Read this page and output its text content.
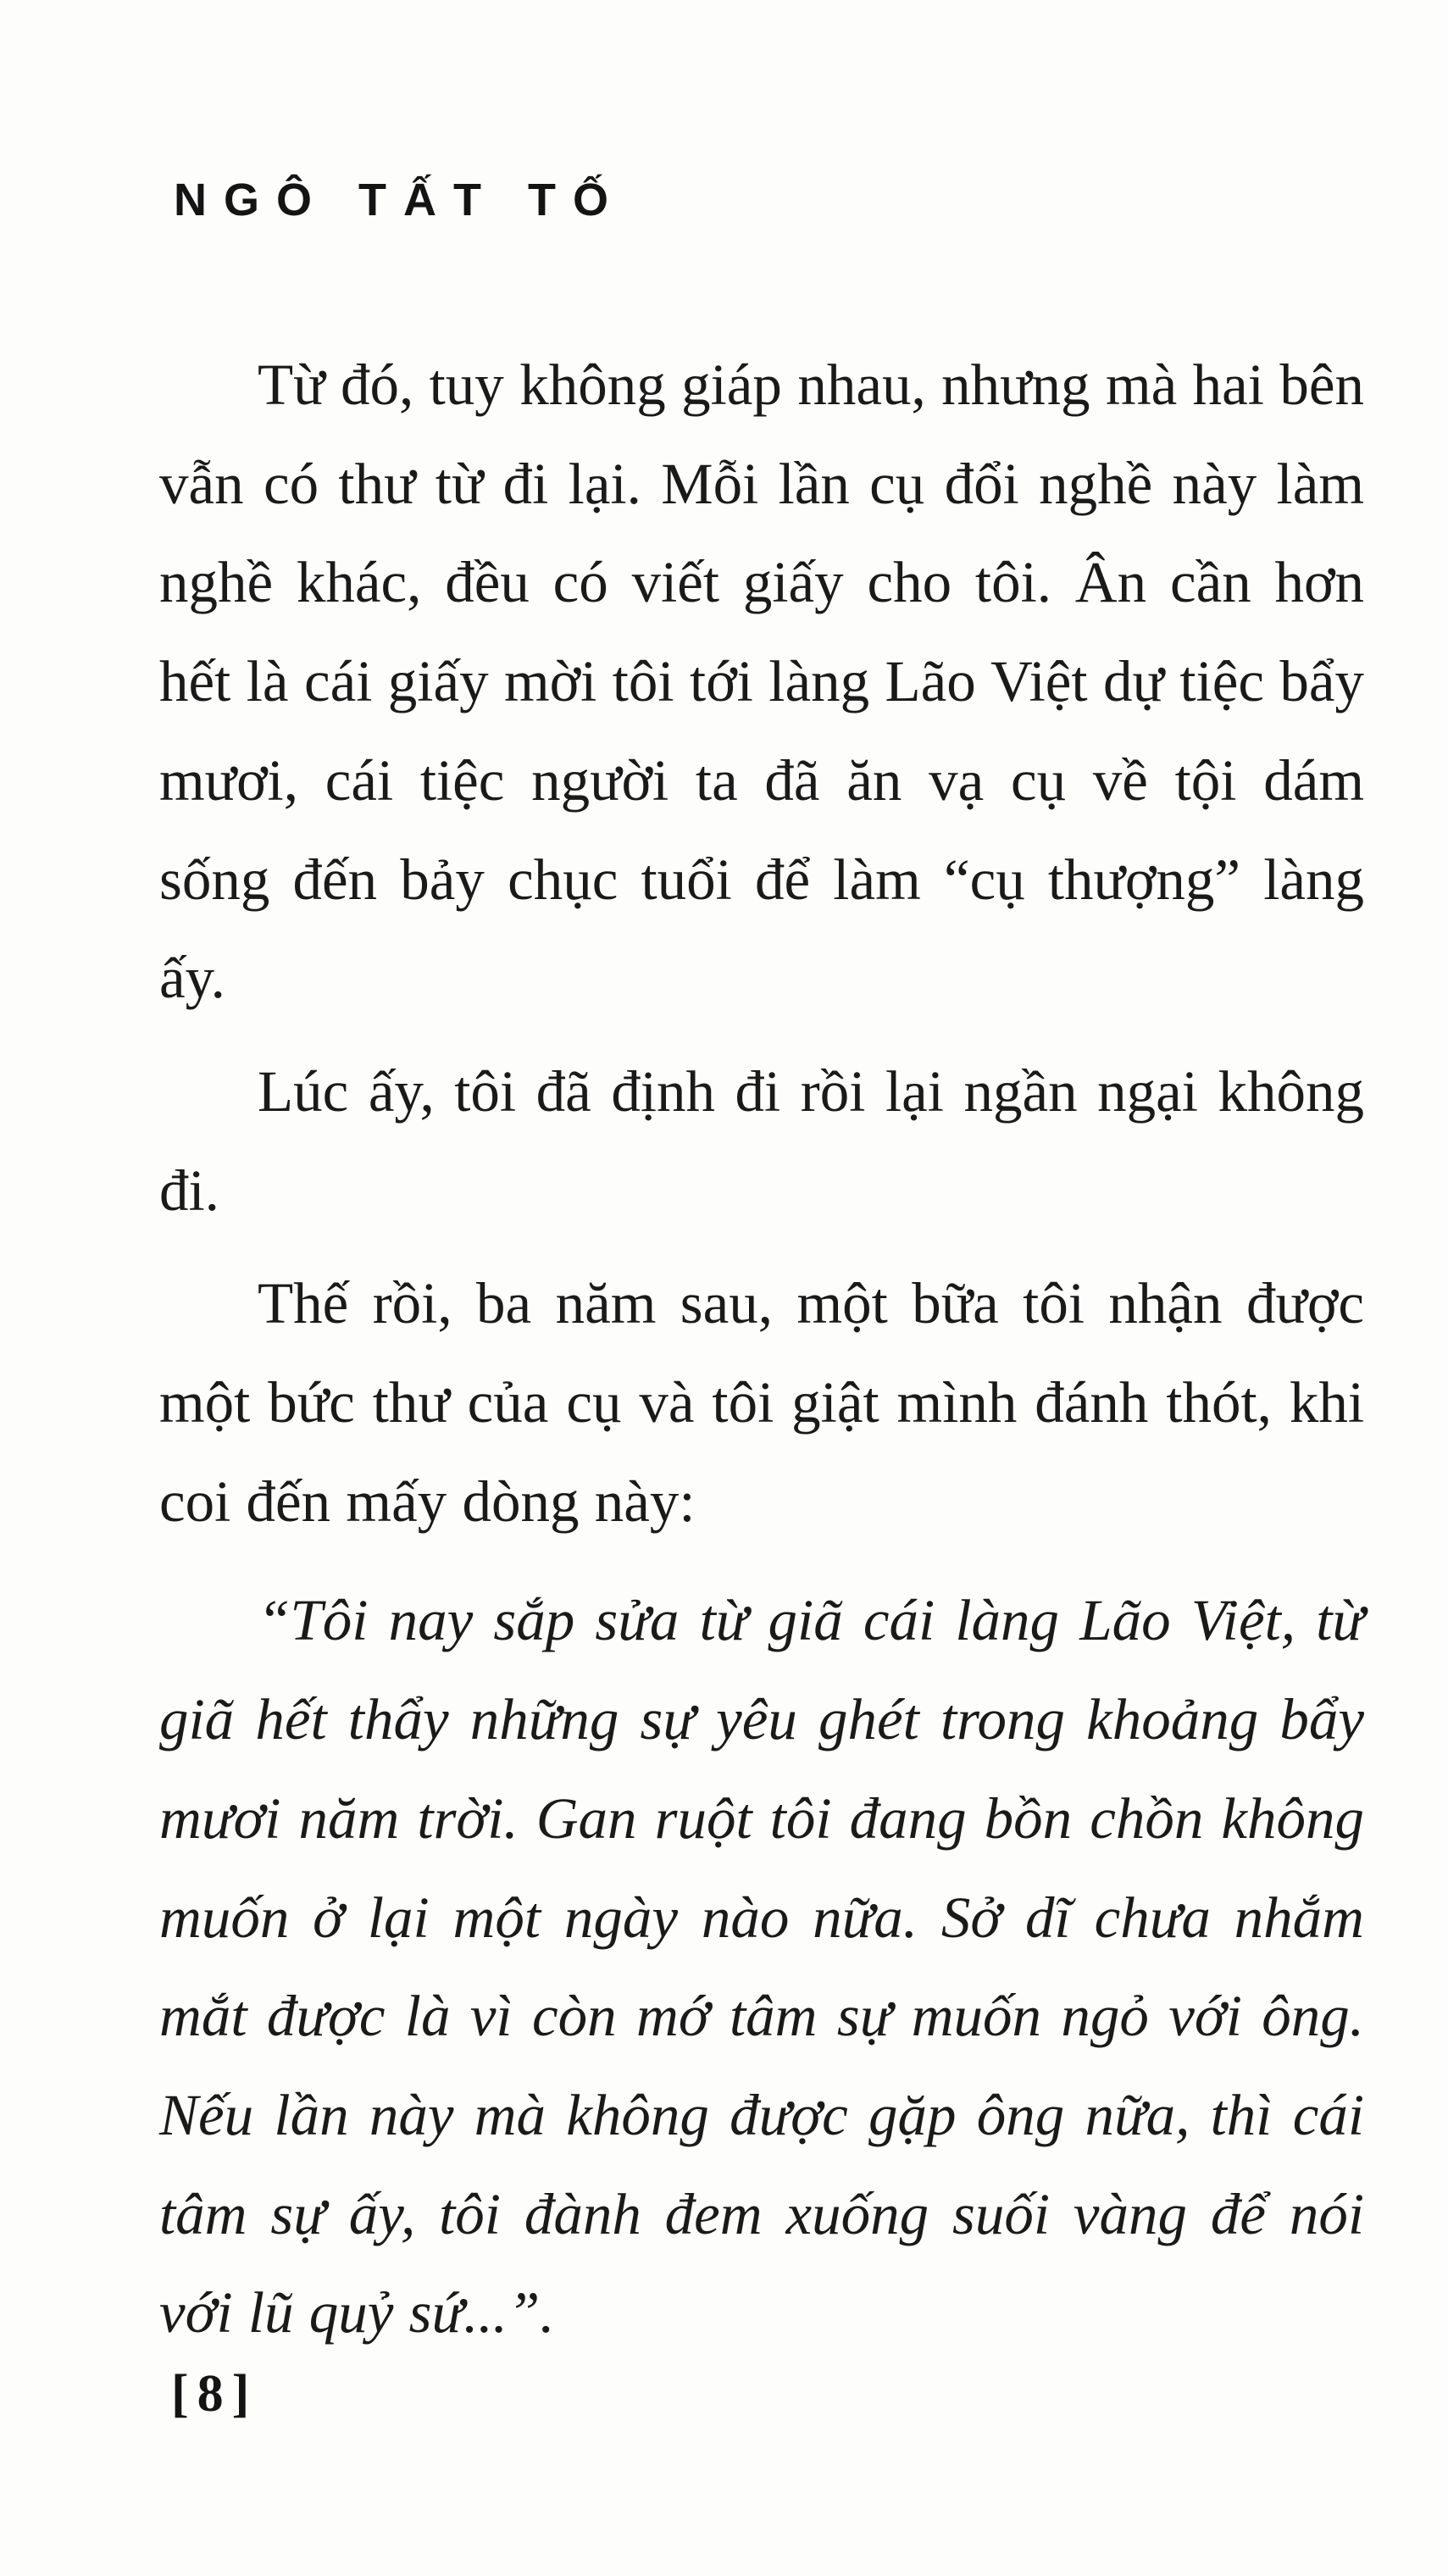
NGÔ TẤT TỐ

Từ đó, tuy không giáp nhau, nhưng mà hai bên vẫn có thư từ đi lại. Mỗi lần cụ đổi nghề này làm nghề khác, đều có viết giấy cho tôi. Ân cần hơn hết là cái giấy mời tôi tới làng Lão Việt dự tiệc bẩy mươi, cái tiệc người ta đã ăn vạ cụ về tội dám sống đến bảy chục tuổi để làm “cụ thượng” làng ấy.

Lúc ấy, tôi đã định đi rồi lại ngần ngại không đi.

Thế rồi, ba năm sau, một bữa tôi nhận được một bức thư của cụ và tôi giật mình đánh thót, khi coi đến mấy dòng này:

“Tôi nay sắp sửa từ giã cái làng Lão Việt, từ giã hết thẩy những sự yêu ghét trong khoảng bẩy mươi năm trời. Gan ruột tôi đang bồn chồn không muốn ở lại một ngày nào nữa. Sở dĩ chưa nhắm mắt được là vì còn mớ tâm sự muốn ngỏ với ông. Nếu lần này mà không được gặp ông nữa, thì cái tâm sự ấy, tôi đành đem xuống suối vàng để nói với lũ quỷ sứ...”.

[8]
